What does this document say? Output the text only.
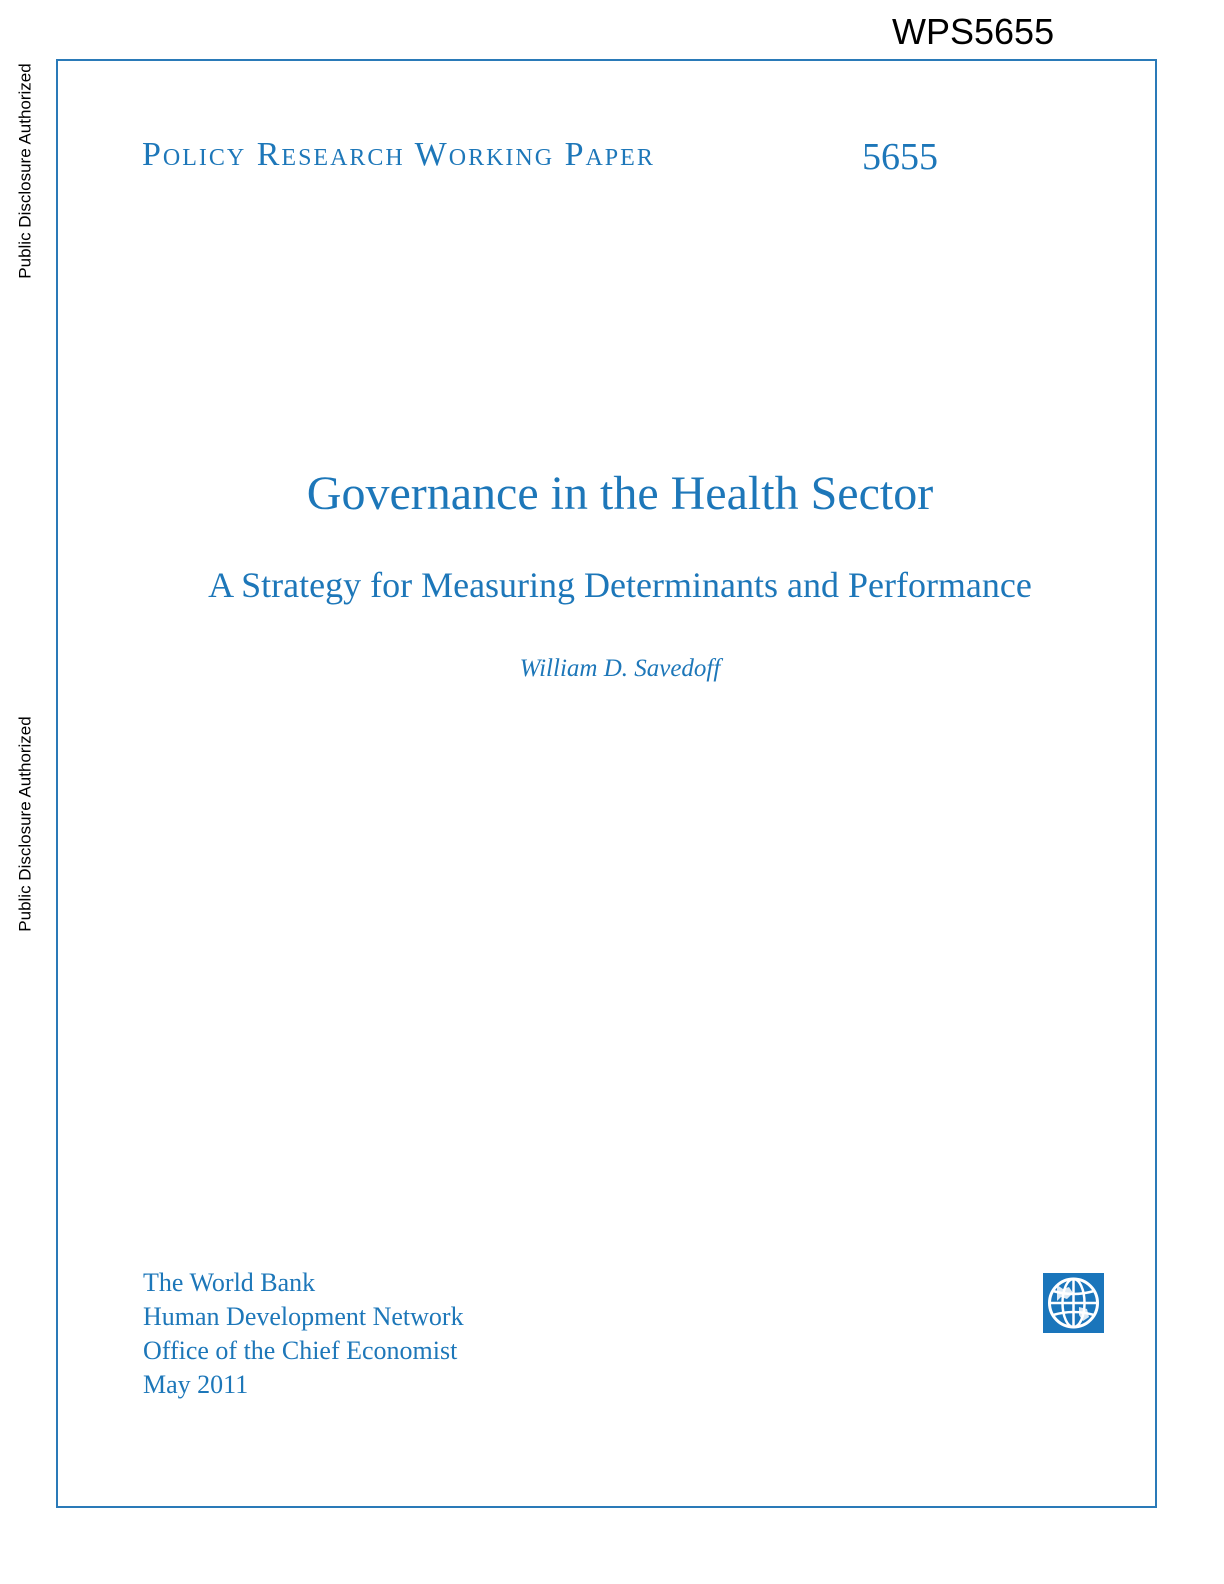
WPS5655
Public Disclosure Authorized
Public Disclosure Authorized
Policy Research Working Paper	5655
Governance in the Health Sector
A Strategy for Measuring Determinants and Performance
William D. Savedoff
The World Bank
Human Development Network
Office of the Chief Economist
May 2011
